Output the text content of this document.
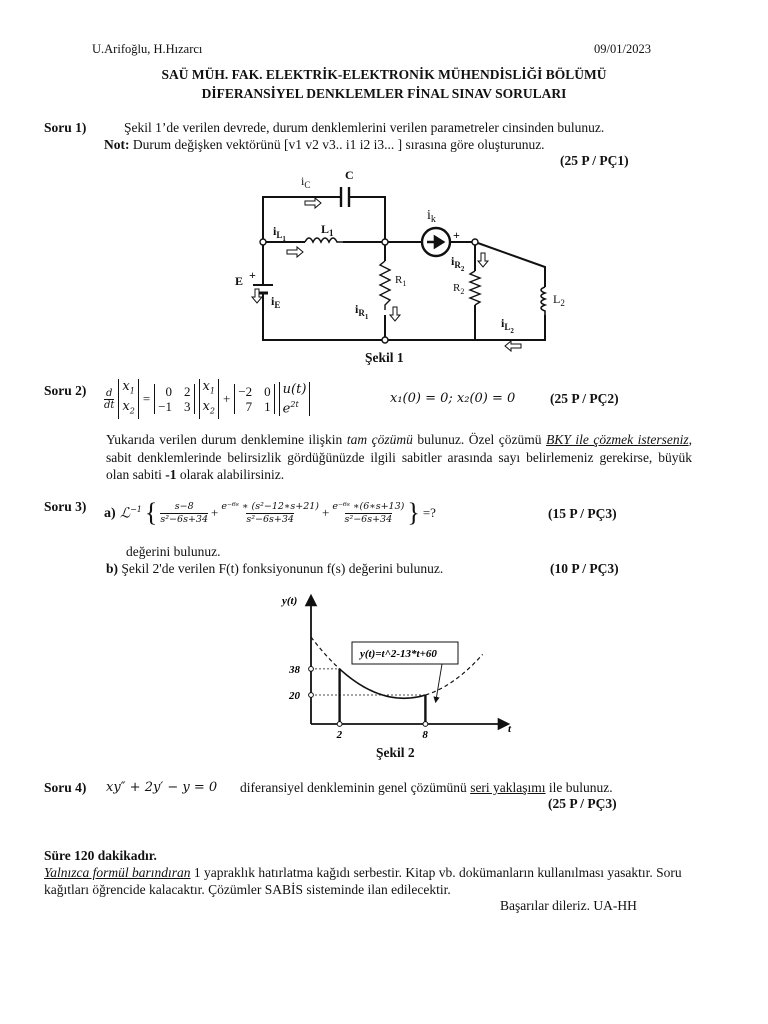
U.Arifoğlu, H.Hızarcı	09/01/2023
SAÜ MÜH. FAK. ELEKTRİK-ELEKTRONİK MÜHENDİSLİĞİ BÖLÜMÜ
DİFERANSİYEL DENKLEMLER FİNAL SINAV SORULARI
Soru 1)	Şekil 1’de verilen devrede, durum denklemlerini verilen parametreler cinsinden bulunuz.
Not: Durum değişken vektörünü [v1 v2 v3.. i1 i2 i3... ] sırasına göre oluşturunuz.
(25 P / PÇ1)
$i_C$
C
$i_{L1}$
$L_1$
$i_k$
+
+
E
$i_E$
$R_1$
$i_{R1}$
$i_{R2}$
$R_2$
$L_2$
$i_{L2}$
Şekil 1
Soru 2) d
dt
$x_1$
$x_2$
=	0 2
−1 3
$x_1$
$x_2$
+ −2 0
7 1
u(t)
$e^{2t}$	x₁(0) = 0; x₂(0) = 0	(25 P / PÇ2)
Yukarıda verilen durum denklemine ilişkin tam çözümü bulunuz. Özel çözümü BKY ile çözmek isterseniz, sabit denklemlerinde belirsizlik gördüğünüzde ilgili sabitler arasında sayı belirlemeniz gerekirse, büyük olan sabiti -1 olarak alabilirsiniz.
Soru 3) a) ℒ$^{-1}$ { s−8
$s^2-6s+34 + \frac{\text{e⁻⁶ˢ ∗ (s²−12∗s+21)}}{\text{s²−6s+34}} + \frac{\text{e⁻⁶ˢ ∗(6∗s+13)}}{\text{s²−6s+34}}$ } =?	(15 P / PÇ3)
değerini bulunuz.
b) Şekil 2'de verilen F(t) fonksiyonunun f(s) değerini bulunuz.	(10 P / PÇ3)
y(t)
t
20
38
2	8
y(t)=t^2-13*t+60
Şekil 2
Soru 4) xy″ + 2y′ − y = 0 diferansiyel denkleminin genel çözümünü seri yaklaşımı ile bulunuz.
(25 P / PÇ3)
Süre 120 dakikadır.
Yalnızca formül barındıran 1 yapraklık hatırlatma kağıdı serbestir. Kitap vb. dokümanların kullanılması yasaktır. Soru kağıtları öğrencide kalacaktır. Çözümler SABİS sisteminde ilan edilecektir.
Başarılar dileriz. UA-HH
